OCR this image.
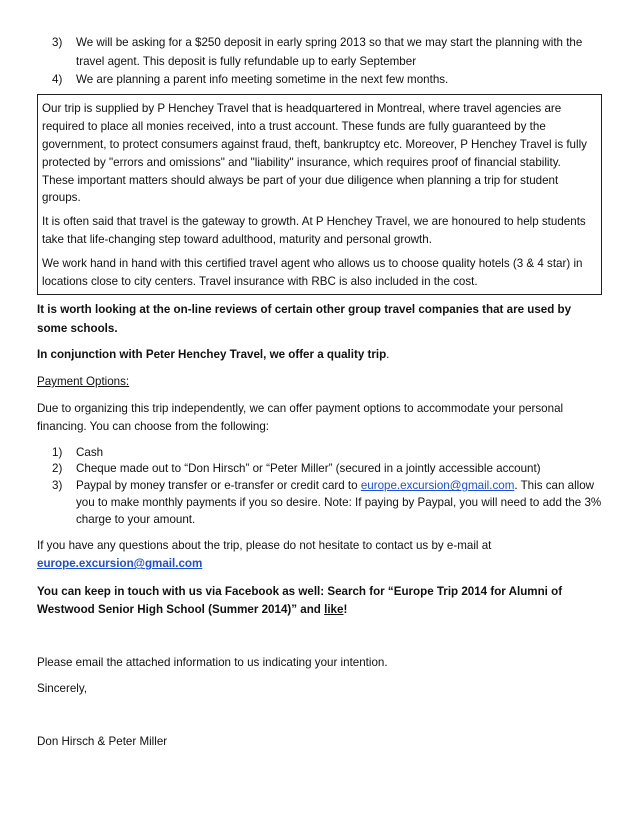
3)	We will be asking for a $250 deposit in early spring 2013 so that we may start the planning with the travel agent. This deposit is fully refundable up to early September
4)	We are planning a parent info meeting sometime in the next few months.

Our trip is supplied by P Henchey Travel that is headquartered in Montreal, where travel agencies are required to place all monies received, into a trust account. These funds are fully guaranteed by the government, to protect consumers against fraud, theft, bankruptcy etc. Moreover, P Henchey Travel is fully protected by "errors and omissions" and "liability" insurance, which requires proof of financial stability. These important matters should always be part of your due diligence when planning a trip for student groups.

It is often said that travel is the gateway to growth. At P Henchey Travel, we are honoured to help students take that life-changing step toward adulthood, maturity and personal growth.

We work hand in hand with this certified travel agent who allows us to choose quality hotels (3 & 4 star) in locations close to city centers. Travel insurance with RBC is also included in the cost.

It is worth looking at the on-line reviews of certain other group travel companies that are used by some schools.

In conjunction with Peter Henchey Travel, we offer a quality trip.

Payment Options:

Due to organizing this trip independently, we can offer payment options to accommodate your personal financing. You can choose from the following:

1)	Cash
2)	Cheque made out to “Don Hirsch” or “Peter Miller” (secured in a jointly accessible account)
3)	Paypal by money transfer or e-transfer or credit card to europe.excursion@gmail.com. This can allow you to make monthly payments if you so desire. Note: If paying by Paypal, you will need to add the 3% charge to your amount.

If you have any questions about the trip, please do not hesitate to contact us by e-mail at
europe.excursion@gmail.com

You can keep in touch with us via Facebook as well: Search for “Europe Trip 2014 for Alumni of Westwood Senior High School (Summer 2014)” and like!

Please email the attached information to us indicating your intention.

Sincerely,

Don Hirsch & Peter Miller
